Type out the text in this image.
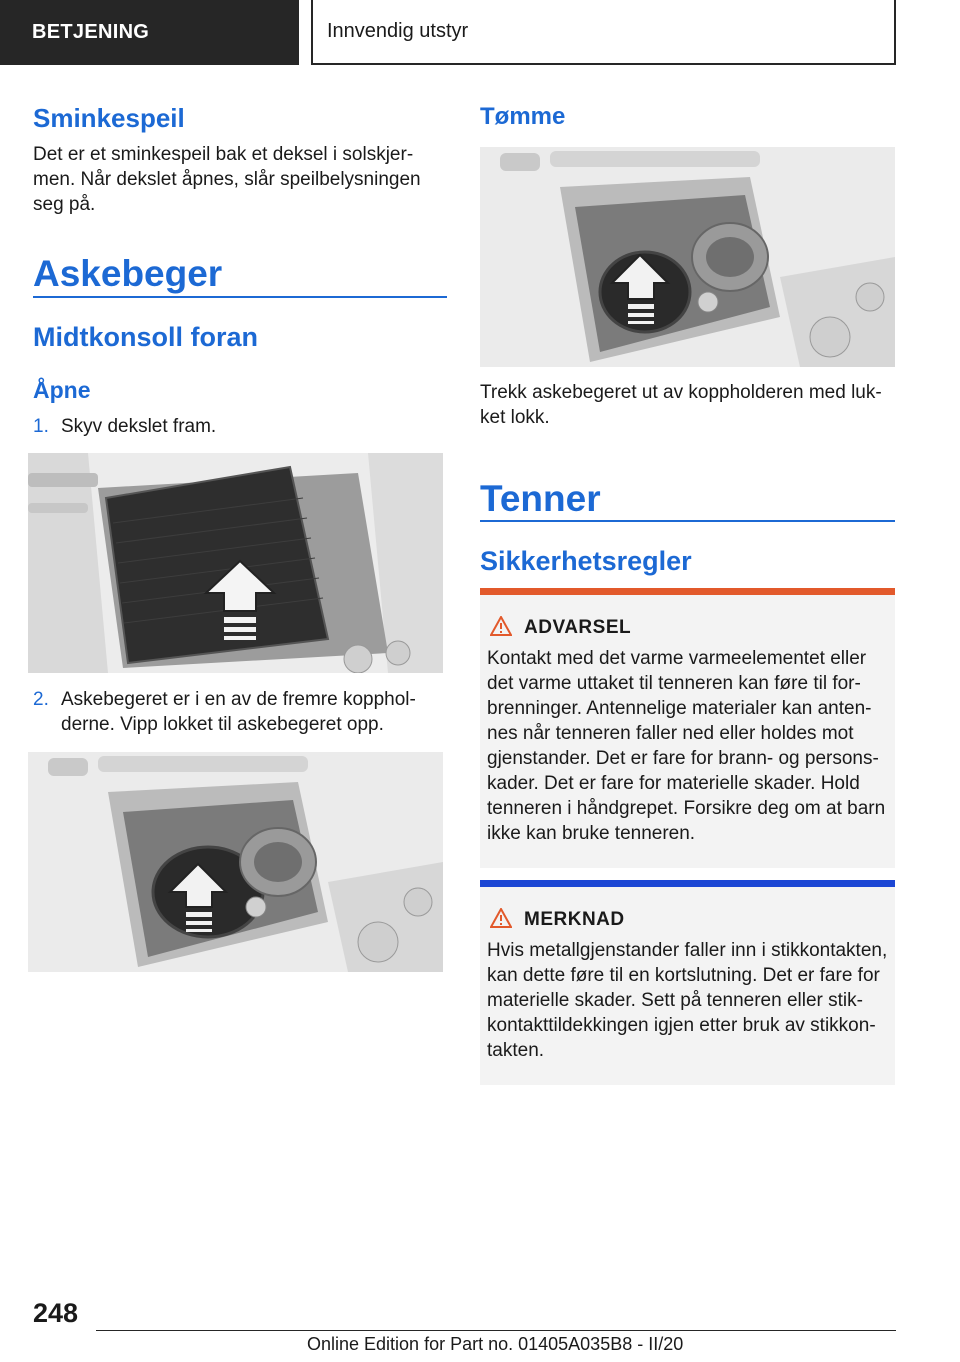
BETJENING	Innvendig utstyr
Sminkespeil
Det er et sminkespeil bak et deksel i solskjer-men. Når dekslet åpnes, slår speilbelysningen seg på.
Askebeger
Midtkonsoll foran
Åpne
1. Skyv dekslet fram.
2. Askebegeret er i en av de fremre kopphol-derne. Vipp lokket til askebegeret opp.
Tømme
Trekk askebegeret ut av koppholderen med luk-ket lokk.
Tenner
Sikkerhetsregler
ADVARSEL
Kontakt med det varme varmeelementet eller det varme uttaket til tenneren kan føre til for-brenninger. Antennelige materialer kan anten-nes når tenneren faller ned eller holdes mot gjenstander. Det er fare for brann- og persons-kader. Det er fare for materielle skader. Hold tenneren i håndgrepet. Forsikre deg om at barn ikke kan bruke tenneren.
MERKNAD
Hvis metallgjenstander faller inn i stikkontakten, kan dette føre til en kortslutning. Det er fare for materielle skader. Sett på tenneren eller stik-kontakttildekkingen igjen etter bruk av stikkon-takten.
248
Online Edition for Part no. 01405A035B8 - II/20
